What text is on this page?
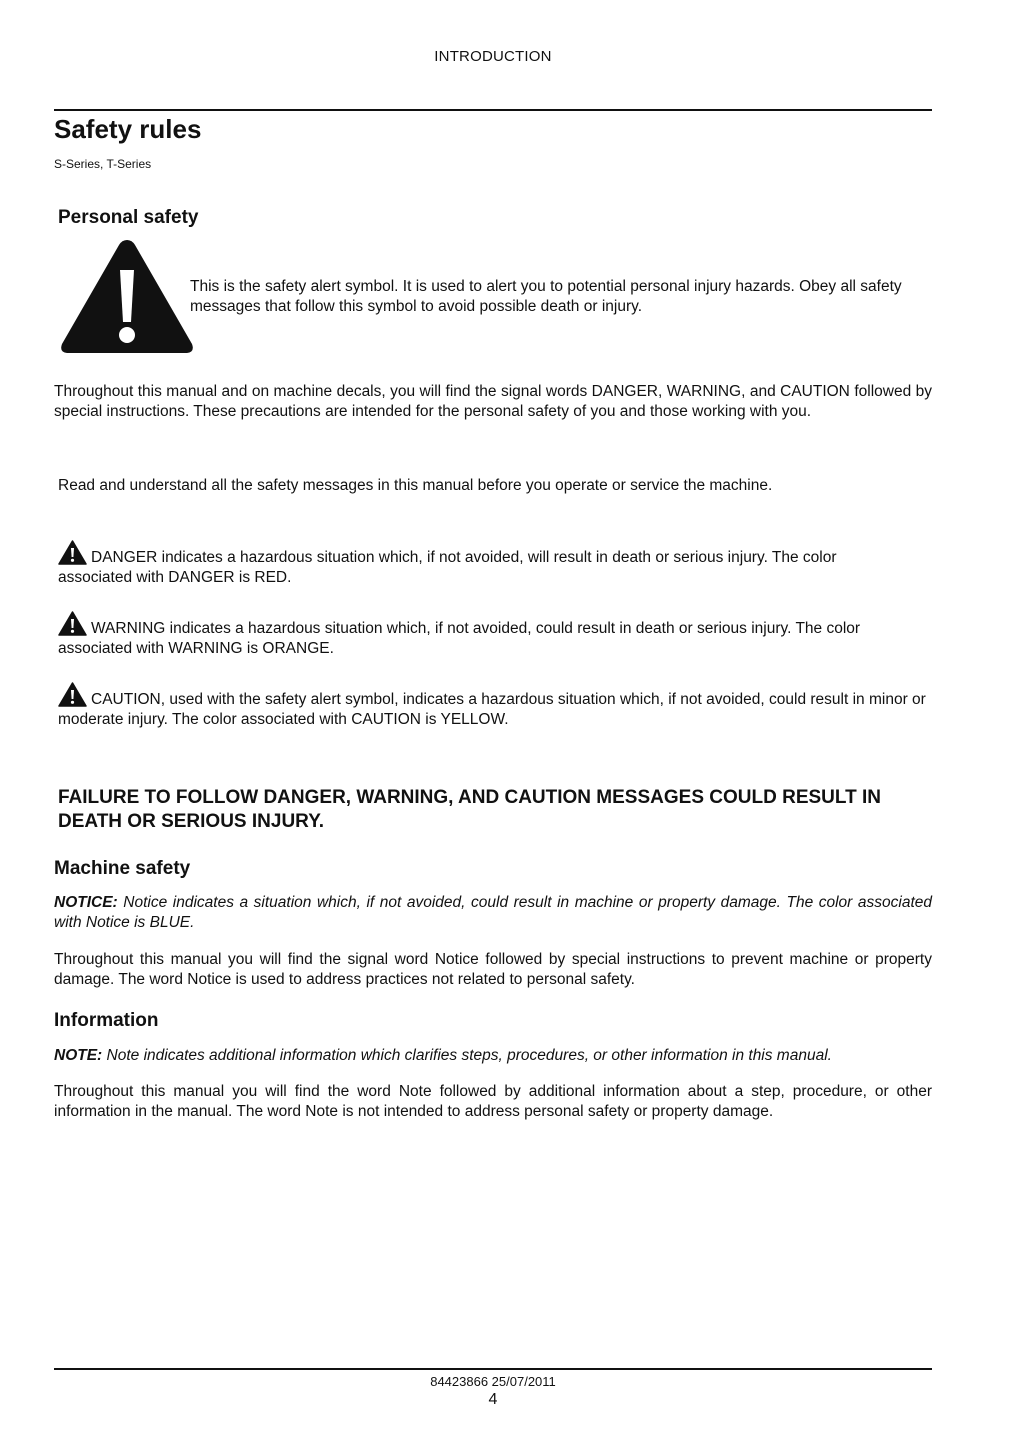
INTRODUCTION
Safety rules
S-Series, T-Series
Personal safety
This is the safety alert symbol. It is used to alert you to potential personal injury hazards. Obey all safety messages that follow this symbol to avoid possible death or injury.
Throughout this manual and on machine decals, you will find the signal words DANGER, WARNING, and CAUTION followed by special instructions. These precautions are intended for the personal safety of you and those working with you.
Read and understand all the safety messages in this manual before you operate or service the machine.
DANGER indicates a hazardous situation which, if not avoided, will result in death or serious injury. The color associated with DANGER is RED.
WARNING indicates a hazardous situation which, if not avoided, could result in death or serious injury. The color associated with WARNING is ORANGE.
CAUTION, used with the safety alert symbol, indicates a hazardous situation which, if not avoided, could result in minor or moderate injury. The color associated with CAUTION is YELLOW.
FAILURE TO FOLLOW DANGER, WARNING, AND CAUTION MESSAGES COULD RESULT IN DEATH OR SERIOUS INJURY.
Machine safety
NOTICE: Notice indicates a situation which, if not avoided, could result in machine or property damage. The color associated with Notice is BLUE.
Throughout this manual you will find the signal word Notice followed by special instructions to prevent machine or property damage. The word Notice is used to address practices not related to personal safety.
Information
NOTE: Note indicates additional information which clarifies steps, procedures, or other information in this manual.
Throughout this manual you will find the word Note followed by additional information about a step, procedure, or other information in the manual. The word Note is not intended to address personal safety or property damage.
84423866 25/07/2011
4
